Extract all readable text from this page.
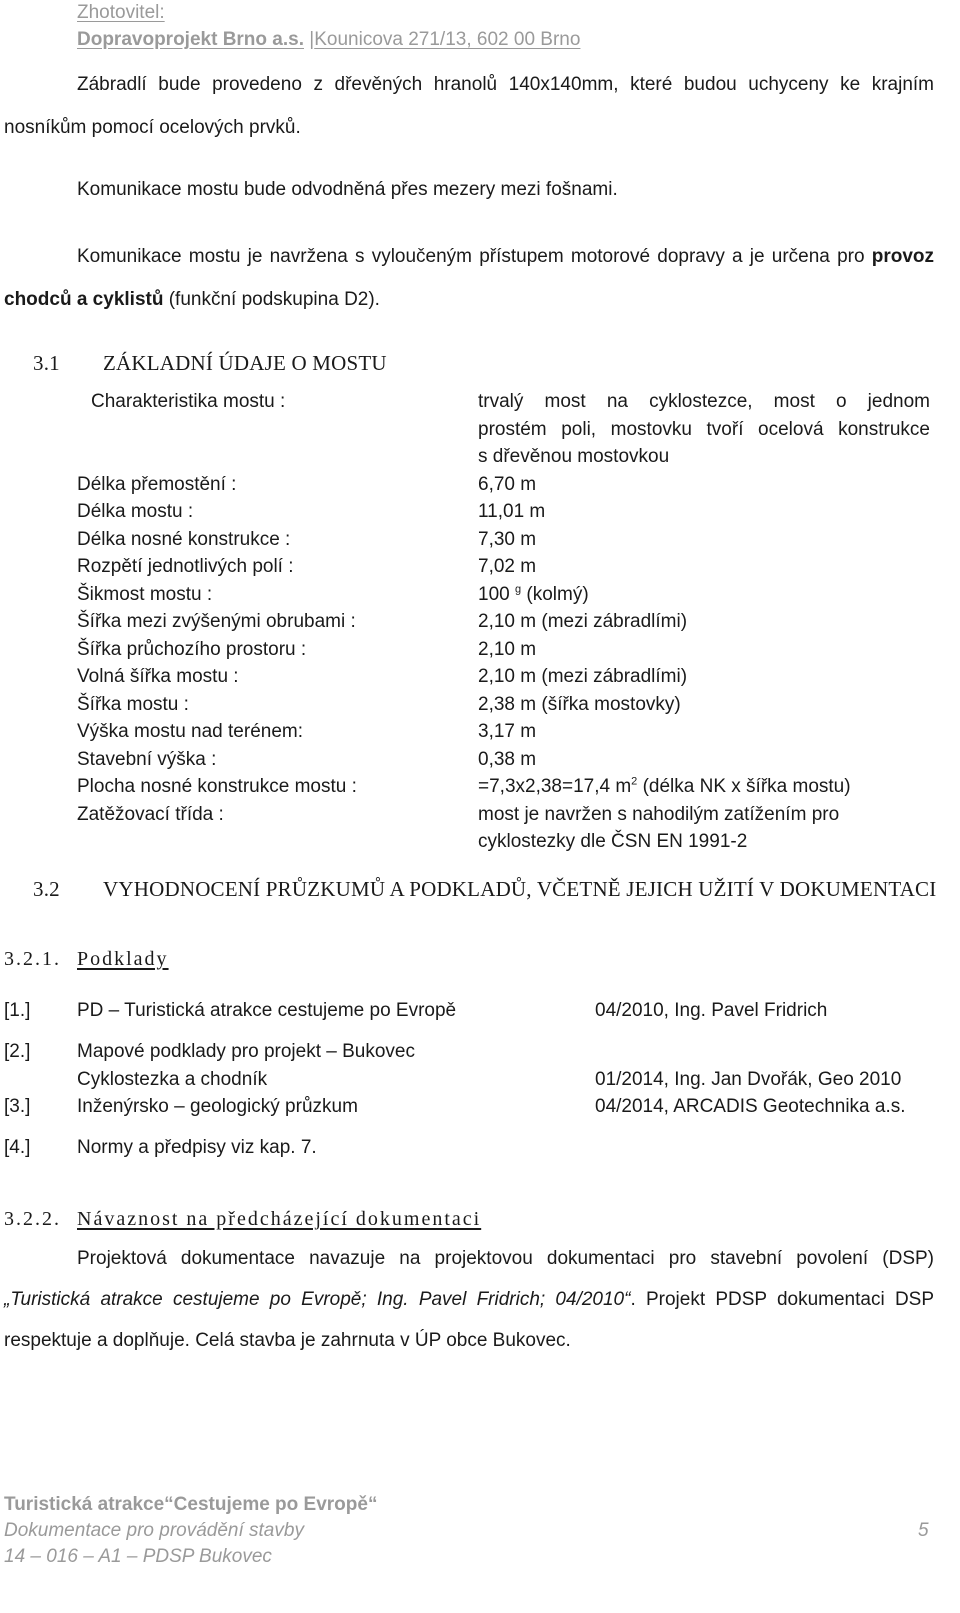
Zhotovitel:
Dopravoprojekt Brno a.s. |Kounicova 271/13, 602 00 Brno
Zábradlí bude provedeno z dřevěných hranolů 140x140mm, které budou uchyceny ke krajním nosníkům pomocí ocelových prvků.
Komunikace mostu bude odvodněná přes mezery mezi fošnami.
Komunikace mostu je navržena s vyloučeným přístupem motorové dopravy a je určena pro provoz chodců a cyklistů (funkční podskupina D2).
3.1 ZÁKLADNÍ ÚDAJE O MOSTU
Charakteristika mostu :	trvalý most na cyklostezce, most o jednom
prostém poli, mostovku tvoří ocelová konstrukce
s dřevěnou mostovkou
Délka přemostění :	6,70 m
Délka mostu :	11,01 m
Délka nosné konstrukce :	7,30 m
Rozpětí jednotlivých polí :	7,02 m
Šikmost mostu :	100 $^g$ (kolmý)
Šířka mezi zvýšenými obrubami :	2,10 m (mezi zábradlími)
Šířka průchozího prostoru :	2,10 m
Volná šířka mostu :	2,10 m (mezi zábradlími)
Šířka mostu :	2,38 m (šířka mostovky)
Výška mostu nad terénem:	3,17 m
Stavební výška :	0,38 m
Plocha nosné konstrukce mostu :	=7,3x2,38=17,4 $m^2$ (délka NK x šířka mostu)
Zatěžovací třída :	most je navržen s nahodilým zatížením pro
cyklostezky dle ČSN EN 1991-2
3.2 VYHODNOCENÍ PRŮZKUMŮ A PODKLADŮ, VČETNĚ JEJICH UŽITÍ V DOKUMENTACI
3.2.1. Podklady
[1.] PD – Turistická atrakce cestujeme po Evropě	04/2010, Ing. Pavel Fridrich
[2.] Mapové podklady pro projekt – Bukovec
Cyklostezka a chodník	01/2014, Ing. Jan Dvořák, Geo 2010
[3.] Inženýrsko – geologický průzkum	04/2014, ARCADIS Geotechnika a.s.
[4.] Normy a předpisy viz kap. 7.
3.2.2. Návaznost na předcházející dokumentaci
Projektová dokumentace navazuje na projektovou dokumentaci pro stavební povolení (DSP) „Turistická atrakce cestujeme po Evropě; Ing. Pavel Fridrich; 04/2010“. Projekt PDSP dokumentaci DSP respektuje a doplňuje. Celá stavba je zahrnuta v ÚP obce Bukovec.
Turistická atrakce“Cestujeme po Evropě“
Dokumentace pro provádění stavby	5
14 – 016 – A1 – PDSP Bukovec
